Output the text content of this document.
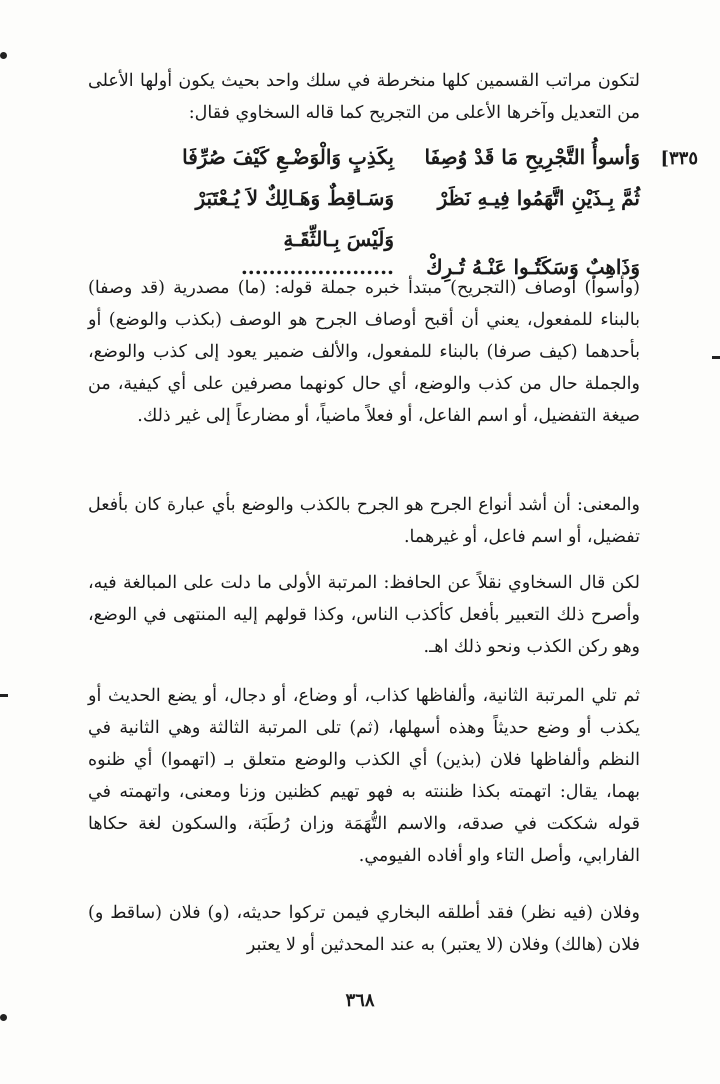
لتكون مراتب القسمين كلها منخرطة في سلك واحد بحيث يكون أولها الأعلى من التعديل وآخرها الأعلى من التجريح كما قاله السخاوي فقال:
[٣٣٥
وَأسوأُ التَّجْرِيحِ مَا قَدْ وُصِفَابِكَذِبٍ وَالْوَضْـعِ كَيْفَ صُرِّفَا
ثُمَّ بِـذَيْنِ اتَّهَمُوا فِيـهِ نَظَرْوَسَـاقِطٌ وَهَـالِكٌ لاَ يُـعْتَبَرْ
وَذَاهِبٌ وَسَكَتُـوا عَنْـهُ تُـرِكْوَلَيْسَ بِـالثِّقَـةِ ......................
(وأسوأ) أوصاف (التجريح) مبتدأ خبره جملة قوله: (ما) مصدرية (قد وصفا) بالبناء للمفعول، يعني أن أقبح أوصاف الجرح هو الوصف (بكذب والوضع) أو بأحدهما (كيف صرفا) بالبناء للمفعول، والألف ضمير يعود إلى كذب والوضع، والجملة حال من كذب والوضع، أي حال كونهما مصرفين على أي كيفية، من صيغة التفضيل، أو اسم الفاعل، أو فعلاً ماضياً، أو مضارعاً إلى غير ذلك.
والمعنى: أن أشد أنواع الجرح هو الجرح بالكذب والوضع بأي عبارة كان بأفعل تفضيل، أو اسم فاعل، أو غيرهما.
لكن قال السخاوي نقلاً عن الحافظ: المرتبة الأولى ما دلت على المبالغة فيه، وأصرح ذلك التعبير بأفعل كأكذب الناس، وكذا قولهم إليه المنتهى في الوضع، وهو ركن الكذب ونحو ذلك اهـ.
ثم تلي المرتبة الثانية، وألفاظها كذاب، أو وضاع، أو دجال، أو يضع الحديث أو يكذب أو وضع حديثاً وهذه أسهلها، (ثم) تلى المرتبة الثالثة وهي الثانية في النظم وألفاظها فلان (بذين) أي الكذب والوضع متعلق بـ (اتهموا) أي ظنوه بهما، يقال: اتهمته بكذا ظننته به فهو تهيم كظنين وزنا ومعنى، واتهمته في قوله شككت في صدقه، والاسم التُّهَمَة وزان رُطَبَة، والسكون لغة حكاها الفارابي، وأصل التاء واو أفاده الفيومي.
وفلان (فيه نظر) فقد أطلقه البخاري فيمن تركوا حديثه، (و) فلان (ساقط و) فلان (هالك) وفلان (لا يعتبر) به عند المحدثين أو لا يعتبر
٣٦٨
